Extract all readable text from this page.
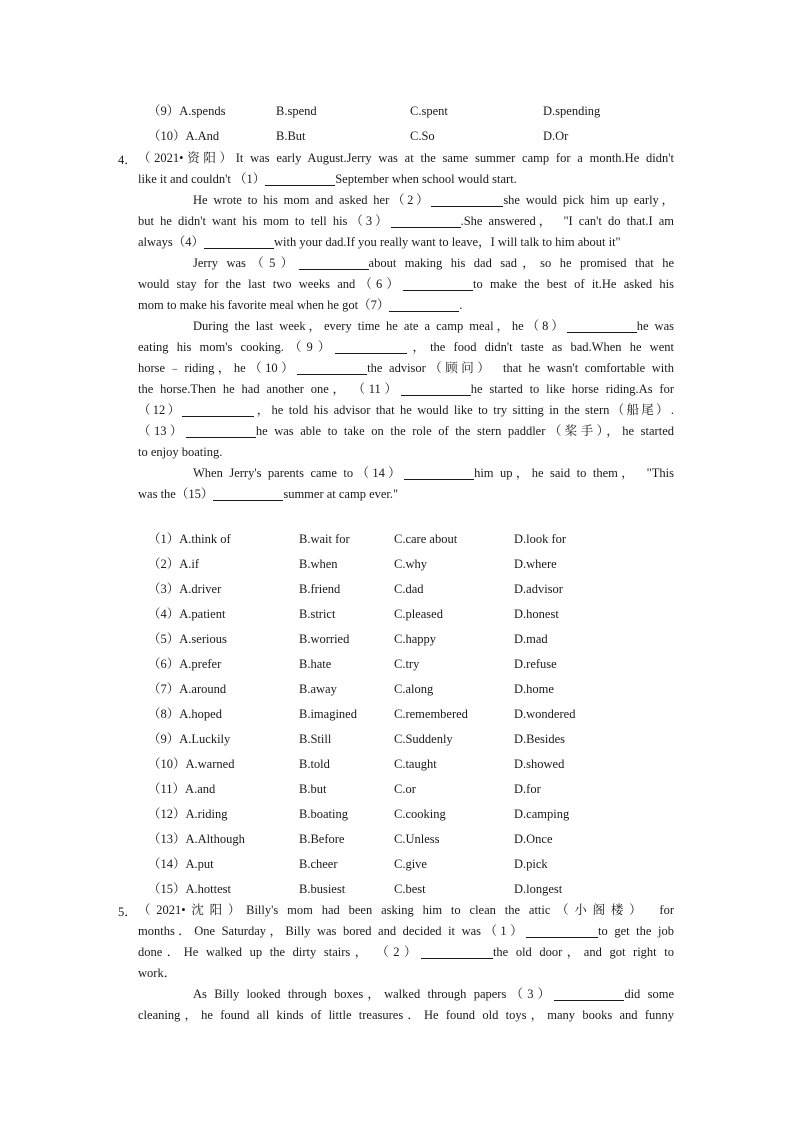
（9）A.spends	B.spend	C.spent	D.spending
（10）A.And	B.But	C.So	D.Or
4． （2021•资阳）It was early August.Jerry was at the same summer camp for a month.He didn't
like it and couldn't （1）	September when school would start.
He wrote to his mom and asked her（2）	she would pick him up early，
but he didn't want his mom to tell his（3）	.She answered，　"I can't do that.I am
always（4）	with your dad.If you really want to leave，I will talk to him about it"
Jerry was（5）	about making his dad sad，so he promised that he
would stay for the last two weeks and（6）	to make the best of it.He asked his
mom to make his favorite meal when he got（7）	.
During the last week，every time he ate a camp meal，he（8）	he was
eating his mom's cooking.（9）	，the food didn't taste as bad.When he went
horse﹣riding，he（10）	the advisor（顾问）　that he wasn't comfortable with
the horse.Then he had another one，　（11）	he started to like horse riding.As for
（12）	，he told his advisor that he would like to try sitting in the stern（船尾）.
（13）	he was able to take on the role of the stern paddler（桨手），he started
to enjoy boating.
When Jerry's parents came to（14）	him up，he said to them，　"This
was the（15）	summer at camp ever."
（1）A.think of	B.wait for	C.care about	D.look for
（2）A.if	B.when	C.why	D.where
（3）A.driver	B.friend	C.dad	D.advisor
（4）A.patient	B.strict	C.pleased	D.honest
（5）A.serious	B.worried	C.happy	D.mad
（6）A.prefer	B.hate	C.try	D.refuse
（7）A.around	B.away	C.along	D.home
（8）A.hoped	B.imagined	C.remembered	D.wondered
（9）A.Luckily	B.Still	C.Suddenly	D.Besides
（10）A.warned	B.told	C.taught	D.showed
（11）A.and	B.but	C.or	D.for
（12）A.riding	B.boating	C.cooking	D.camping
（13）A.Although	B.Before	C.Unless	D.Once
（14）A.put	B.cheer	C.give	D.pick
（15）A.hottest	B.busiest	C.best	D.longest
5． （2021•沈阳）Billy's mom had been asking him to clean the attic（小阁楼）　for
months．One Saturday，Billy was bored and decided it was（1）	to get the job
done．He walked up the dirty stairs，　（2）	the old door，and got right to
work．
As Billy looked through boxes，walked through papers（3）	did some
cleaning，he found all kinds of little treasures．He found old toys，many books and funny
